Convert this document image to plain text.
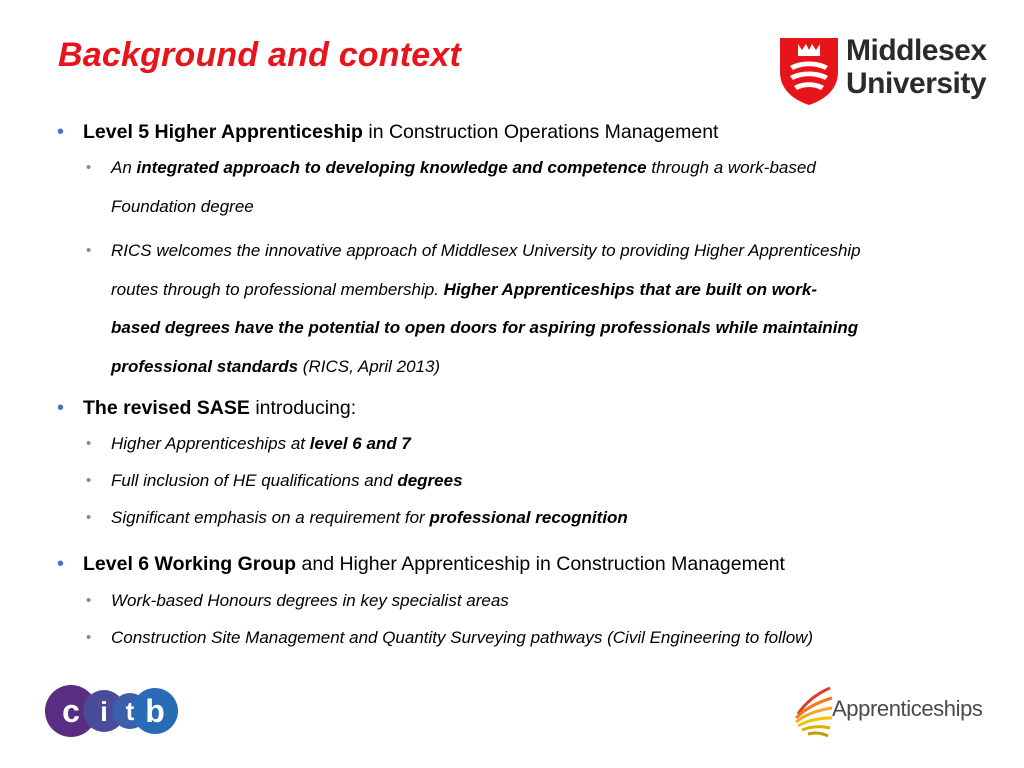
Background and context	Middlesex
University
• Level 5 Higher Apprenticeship in Construction Operations Management
• An integrated approach to developing knowledge and competence through a work-based
Foundation degree
• RICS welcomes the innovative approach of Middlesex University to providing Higher Apprenticeship
routes through to professional membership. Higher Apprenticeships that are built on work-
based degrees have the potential to open doors for aspiring professionals while maintaining
professional standards (RICS, April 2013)
• The revised SASE introducing:
• Higher Apprenticeships at level 6 and 7
• Full inclusion of HE qualifications and degrees
• Significant emphasis on a requirement for professional recognition
• Level 6 Working Group and Higher Apprenticeship in Construction Management
• Work-based Honours degrees in key specialist areas
• Construction Site Management and Quantity Surveying pathways (Civil Engineering to follow)
c i t b	Apprenticeships
